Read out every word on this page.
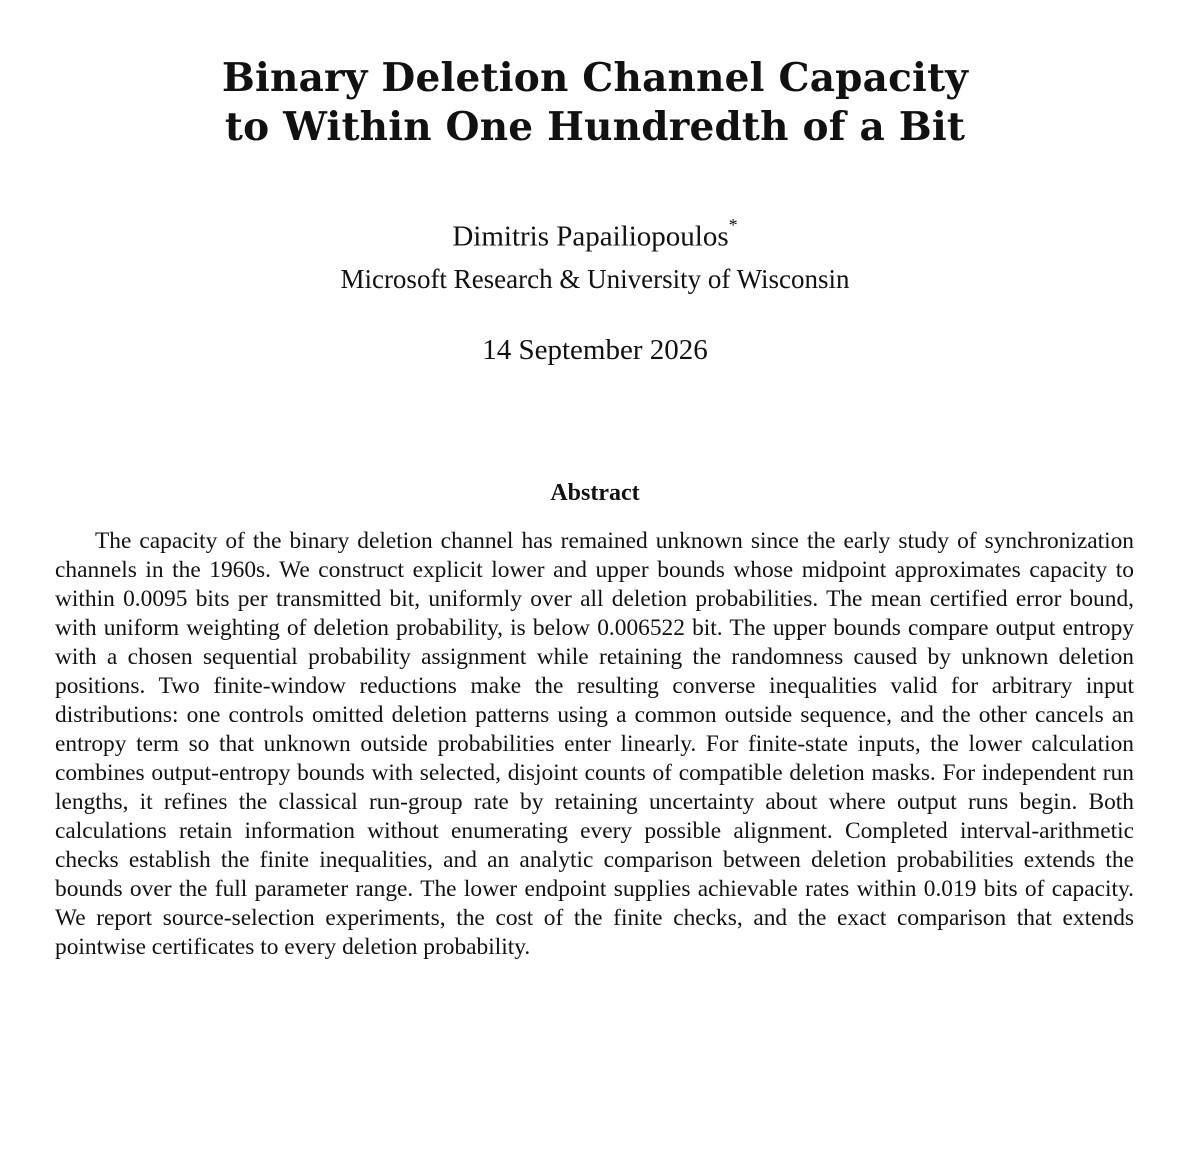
Binary Deletion Channel Capacity
to Within One Hundredth of a Bit
Dimitris Papailiopoulos*
Microsoft Research & University of Wisconsin
14 September 2026
Abstract

The capacity of the binary deletion channel has remained unknown since the early study of synchronization channels in the 1960s. We construct explicit lower and upper bounds whose midpoint approximates capacity to within 0.0095 bits per transmitted bit, uniformly over all deletion probabilities. The mean certified error bound, with uniform weighting of deletion probability, is below 0.006522 bit. The upper bounds compare output entropy with a chosen sequential probability assignment while retaining the randomness caused by unknown deletion positions. Two finite-window reductions make the resulting converse inequalities valid for arbitrary input distributions: one controls omitted deletion patterns using a common outside sequence, and the other cancels an entropy term so that unknown outside probabilities enter linearly. For finite-state inputs, the lower calculation combines output-entropy bounds with selected, disjoint counts of compatible deletion masks. For independent run lengths, it refines the classical run-group rate by retaining uncertainty about where output runs begin. Both calculations retain information without enumerating every possible alignment. Completed interval-arithmetic checks establish the finite inequalities, and an analytic comparison between deletion probabilities extends the bounds over the full parameter range. The lower endpoint supplies achievable rates within 0.019 bits of capacity. We report source-selection experiments, the cost of the finite checks, and the exact comparison that extends pointwise certificates to every deletion probability.
